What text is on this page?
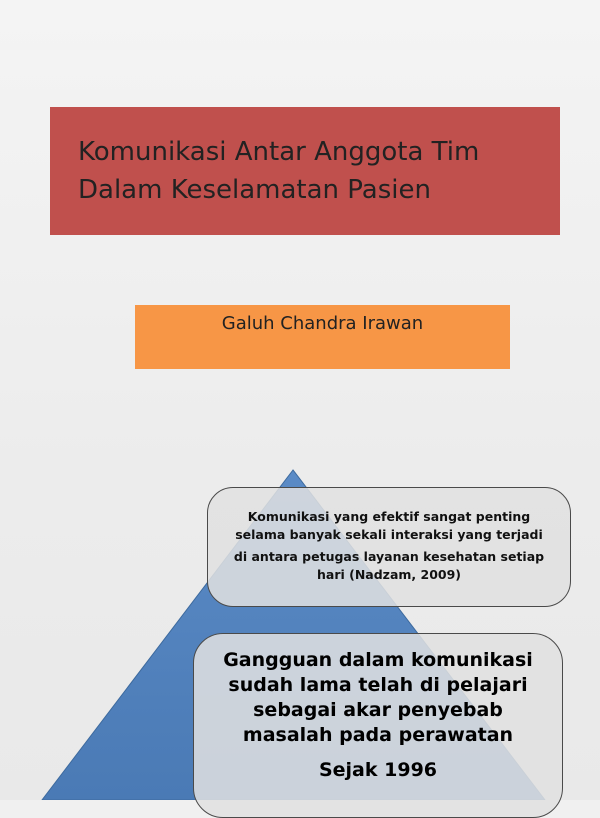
Komunikasi Antar Anggota Tim
Dalam Keselamatan Pasien
Galuh Chandra Irawan
Komunikasi yang efektif sangat penting
selama banyak sekali interaksi yang terjadi
di antara petugas layanan kesehatan setiap
hari (Nadzam, 2009)
Gangguan dalam komunikasi
sudah lama telah di pelajari
sebagai akar penyebab
masalah pada perawatan
Sejak 1996
